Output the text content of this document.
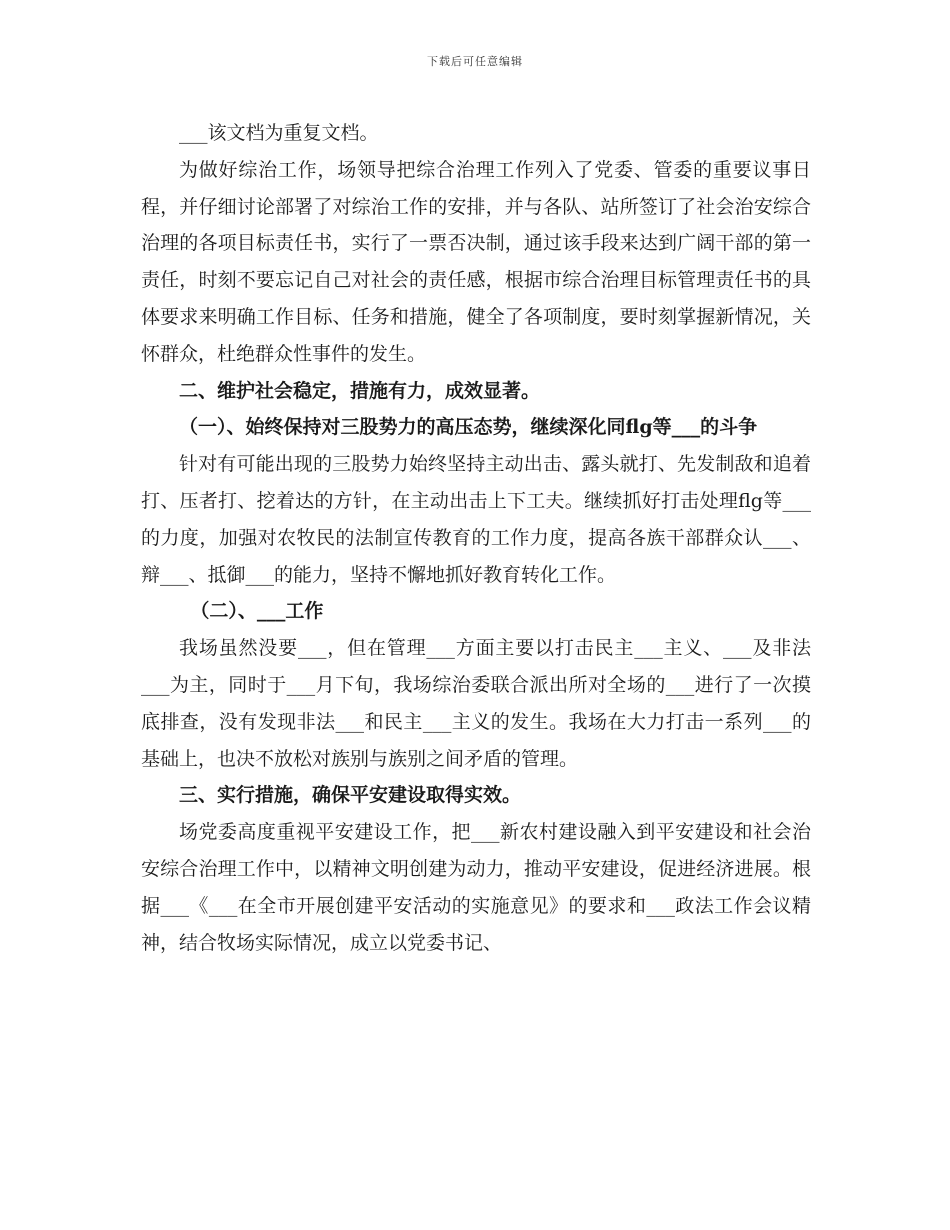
下载后可任意编辑

___该文档为重复文档。

为做好综治工作，场领导把综合治理工作列入了党委、管委的重要议事日程，并仔细讨论部署了对综治工作的安排，并与各队、站所签订了社会治安综合治理的各项目标责任书，实行了一票否决制，通过该手段来达到广阔干部的第一责任，时刻不要忘记自己对社会的责任感，根据市综合治理目标管理责任书的具体要求来明确工作目标、任务和措施，健全了各项制度，要时刻掌握新情况，关怀群众，杜绝群众性事件的发生。

二、维护社会稳定，措施有力，成效显著。

（一）、始终保持对三股势力的高压态势，继续深化同flg等___的斗争

针对有可能出现的三股势力始终坚持主动出击、露头就打、先发制敌和追着打、压者打、挖着达的方针，在主动出击上下工夫。继续抓好打击处理flg等___的力度，加强对农牧民的法制宣传教育的工作力度，提高各族干部群众认___、辩___、抵御___的能力，坚持不懈地抓好教育转化工作。

（二）、___工作

我场虽然没要___，但在管理___方面主要以打击民主___主义、___及非法___为主，同时于___月下旬，我场综治委联合派出所对全场的___进行了一次摸底排查，没有发现非法___和民主___主义的发生。我场在大力打击一系列___的基础上，也决不放松对族别与族别之间矛盾的管理。

三、实行措施，确保平安建设取得实效。

场党委高度重视平安建设工作，把___新农村建设融入到平安建设和社会治安综合治理工作中，以精神文明创建为动力，推动平安建设，促进经济进展。根据___《___在全市开展创建平安活动的实施意见》的要求和___政法工作会议精神，结合牧场实际情况，成立以党委书记、
